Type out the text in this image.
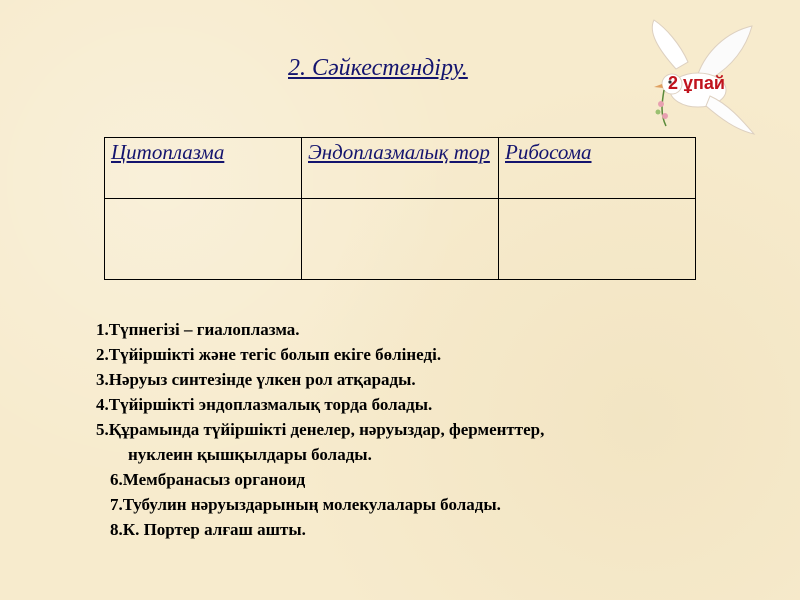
2. Сәйкестендіру.
2 ұпай
Цитоплазма	Эндоплазмалық тор	Рибосома

1.Түпнегізі – гиалоплазма.
2.Түйіршікті және тегіс болып екіге бөлінеді.
3.Нәруыз синтезінде үлкен рол атқарады.
4.Түйіршікті эндоплазмалық торда болады.
5.Құрамында түйіршікті денелер, нәруыздар, ферменттер,
нуклеин қышқылдары болады.
6.Мембранасыз органоид
7.Тубулин нәруыздарының молекулалары болады.
8.К. Портер алғаш ашты.
